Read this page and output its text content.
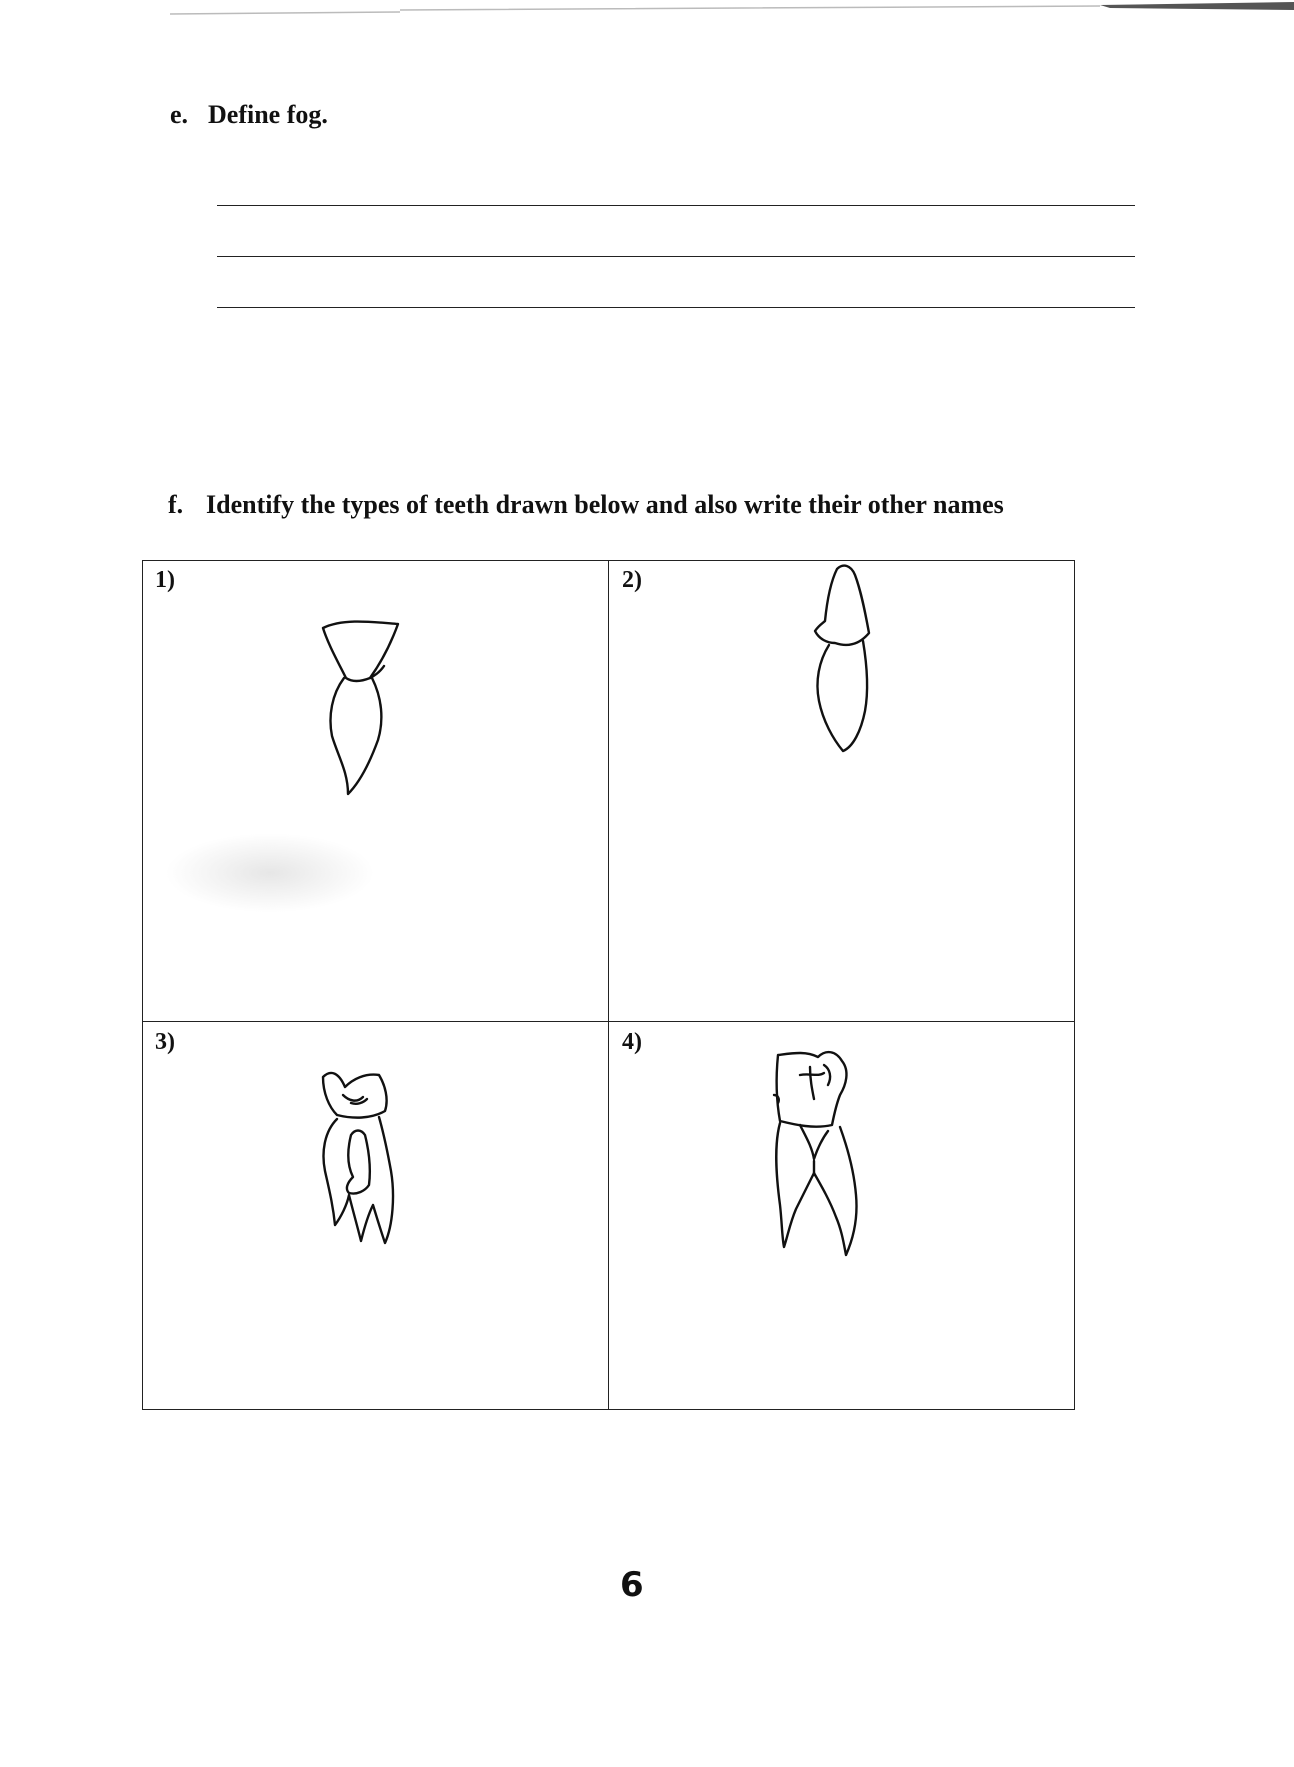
e. Define fog.
f. Identify the types of teeth drawn below and also write their other names
1)	2)
3)	4)
6
